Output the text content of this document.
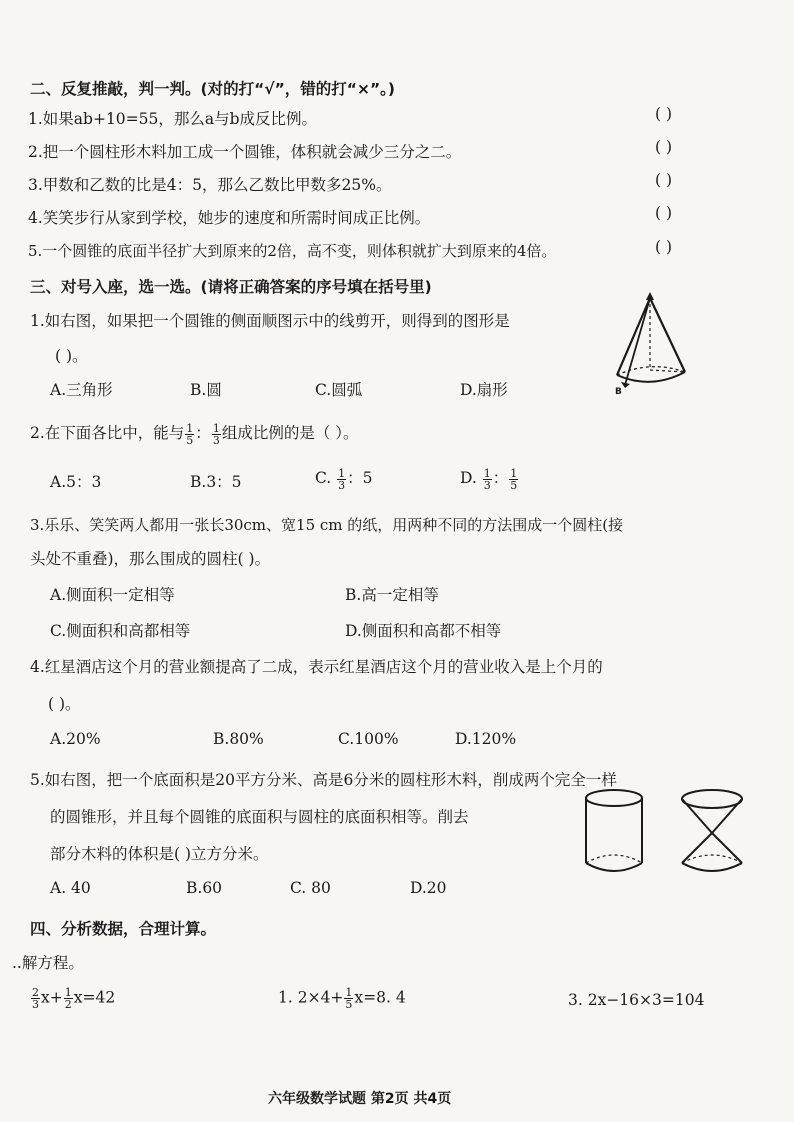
二、反复推敲，判一判。(对的打“√”，错的打“×”。)
1.如果ab+10=55，那么a与b成反比例。	( )
2.把一个圆柱形木料加工成一个圆锥，体积就会减少三分之二。	( )
3.甲数和乙数的比是4：5，那么乙数比甲数多25%。	( )
4.笑笑步行从家到学校，她步的速度和所需时间成正比例。	( )
5.一个圆锥的底面半径扩大到原来的2倍，高不变，则体积就扩大到原来的4倍。	( )
三、对号入座，选一选。(请将正确答案的序号填在括号里)
1.如右图，如果把一个圆锥的侧面顺图示中的线剪开，则得到的图形是
( )。
A.三角形	B.圆	C.圆弧	D.扇形	B
2.在下面各比中，能与 $\frac{1}{5}$ ： $\frac{1}{3}$ 组成比例的是（ ）。
A.5：3	B.3：5	C. $\frac{1}{3}$ ：5	D. $\frac{1}{3}$ ： $\frac{1}{5}$
3.乐乐、笑笑两人都用一张长30cm、宽15 cm 的纸，用两种不同的方法围成一个圆柱(接
头处不重叠)，那么围成的圆柱( )。
A.侧面积一定相等	B.高一定相等
C.侧面积和高都相等	D.侧面积和高都不相等
4.红星酒店这个月的营业额提高了二成，表示红星酒店这个月的营业收入是上个月的
( )。
A.20%	B.80%	C.100%	D.120%
5.如右图，把一个底面积是20平方分米、高是6分米的圆柱形木料，削成两个完全一样
的圆锥形，并且每个圆锥的底面积与圆柱的底面积相等。削去
部分木料的体积是( )立方分米。
A. 40	B.60	C. 80	D.20
四、分析数据，合理计算。
..解方程。
$\frac{2}{3} x+ \frac{1}{2} x=42$	1. $2\times 4+ \frac{1}{5} x=8$. 4	3. 2x−16×3=104
六年级数学试题 第2页 共4页
